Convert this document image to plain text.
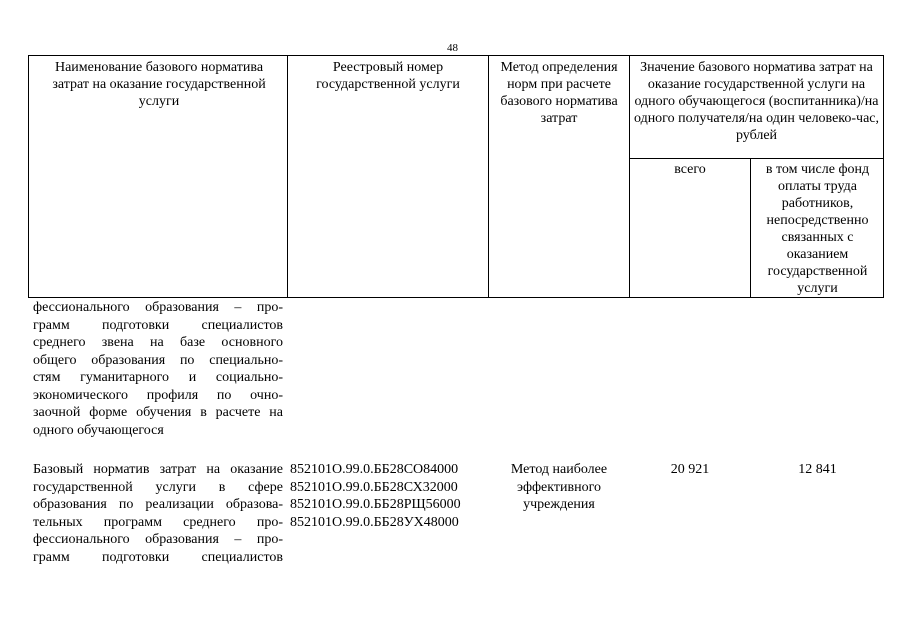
48
Наименование базового норматива затрат на оказание государственной услуги
Реестровый номер государственной услуги
Метод определения норм при расчете базового норматива затрат
Значение базового норматива затрат на оказание государственной услуги на одного обучающегося (воспитанника)/на одного получателя/на один человеко-час, рублей
всего	в том числе фонд оплаты труда работников, непосредственно связанных с оказанием государственной услуги
фессионального образования – про-
грамм подготовки специалистов
среднего звена на базе основного
общего образования по специально-
стям гуманитарного и социально-
экономического профиля по очно-
заочной форме обучения в расчете на
одного обучающегося
Базовый норматив затрат на оказание
государственной услуги в сфере
образования по реализации образова-
тельных программ среднего про-
фессионального образования – про-
грамм подготовки специалистов
852101О.99.0.ББ28СО84000
852101О.99.0.ББ28СХ32000
852101О.99.0.ББ28РЩ56000
852101О.99.0.ББ28УХ48000
Метод наиболее эффективного учреждения
20 921	12 841
